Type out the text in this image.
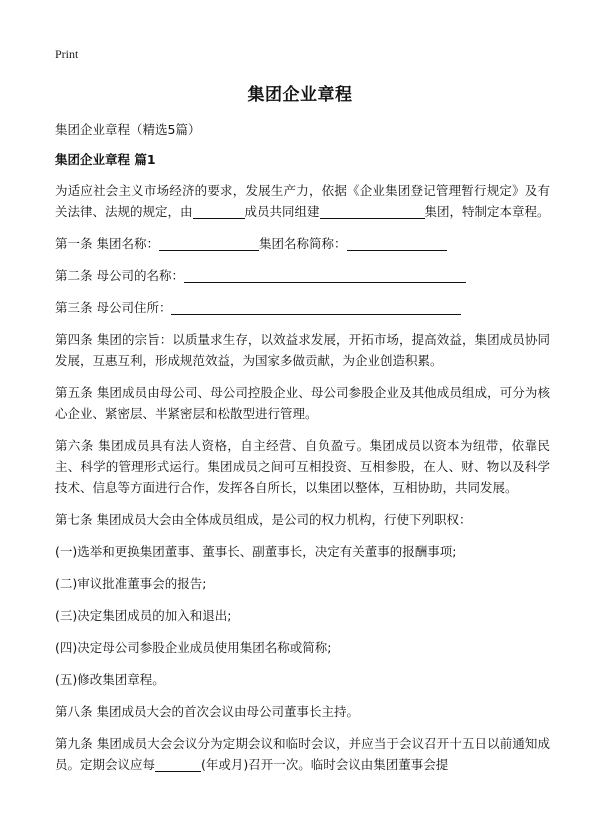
Print
集团企业章程

集团企业章程（精选5篇）

集团企业章程 篇1

为适应社会主义市场经济的要求，发展生产力，依据《企业集团登记管理暂行规定》及有关法律、法规的规定，由	成员共同组建	集团，特制定本章程。

第一条 集团名称：	集团名称简称：

第二条 母公司的名称：

第三条 母公司住所：

第四条 集团的宗旨：以质量求生存，以效益求发展，开拓市场，提高效益，集团成员协同发展，互惠互利，形成规范效益，为国家多做贡献，为企业创造积累。

第五条 集团成员由母公司、母公司控股企业、母公司参股企业及其他成员组成，可分为核心企业、紧密层、半紧密层和松散型进行管理。

第六条 集团成员具有法人资格，自主经营、自负盈亏。集团成员以资本为纽带，依靠民主、科学的管理形式运行。集团成员之间可互相投资、互相参股，在人、财、物以及科学技术、信息等方面进行合作，发挥各自所长，以集团以整体，互相协助，共同发展。

第七条 集团成员大会由全体成员组成，是公司的权力机构，行使下列职权：

(一)选举和更换集团董事、董事长、副董事长，决定有关董事的报酬事项;

(二)审议批准董事会的报告;

(三)决定集团成员的加入和退出;

(四)决定母公司参股企业成员使用集团名称或简称;

(五)修改集团章程。

第八条 集团成员大会的首次会议由母公司董事长主持。

第九条 集团成员大会会议分为定期会议和临时会议，并应当于会议召开十五日以前通知成员。定期会议应每	(年或月)召开一次。临时会议由集团董事会提
